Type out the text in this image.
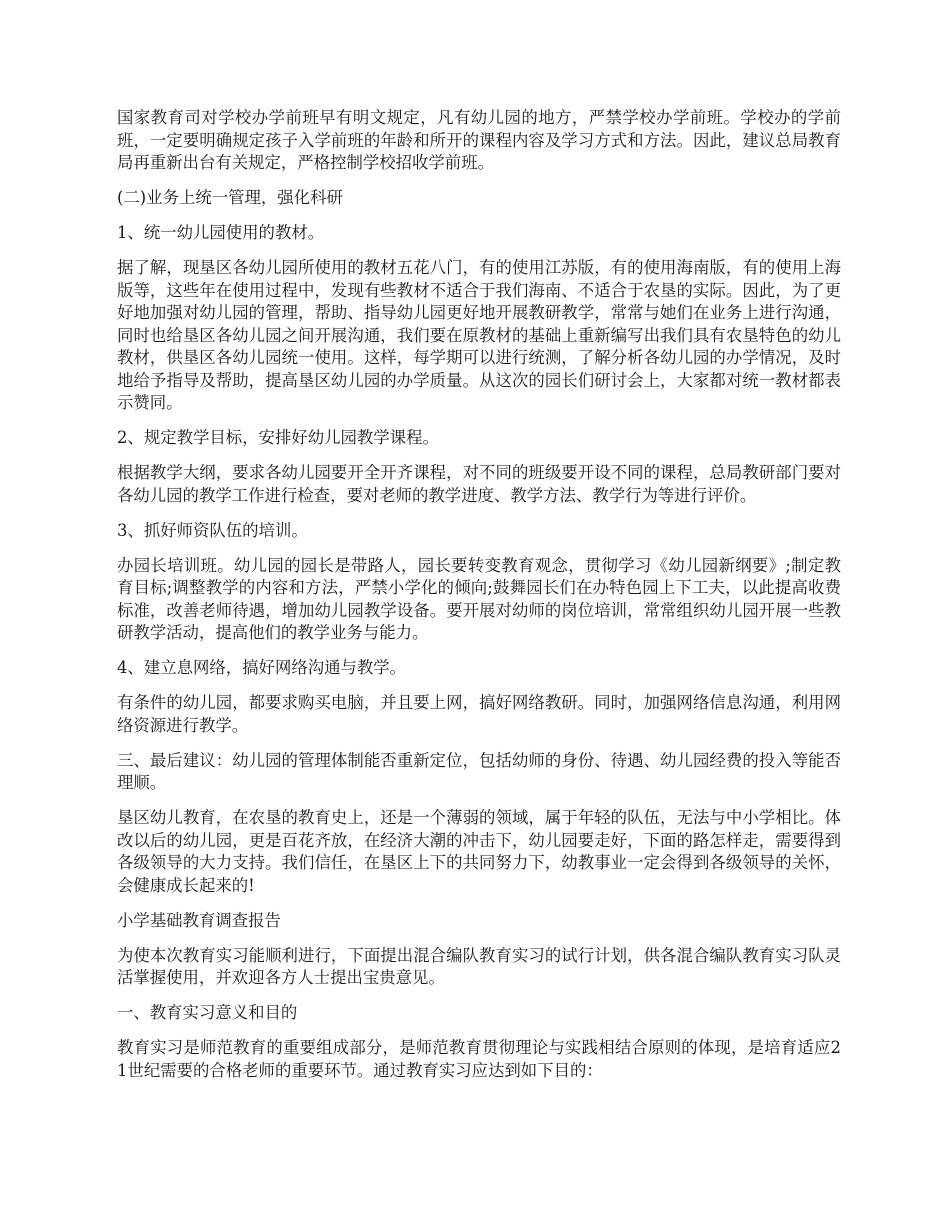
国家教育司对学校办学前班早有明文规定，凡有幼儿园的地方，严禁学校办学前班。学校办的学前班，一定要明确规定孩子入学前班的年龄和所开的课程内容及学习方式和方法。因此，建议总局教育局再重新出台有关规定，严格控制学校招收学前班。

(二)业务上统一管理，强化科研

1、统一幼儿园使用的教材。

据了解，现垦区各幼儿园所使用的教材五花八门，有的使用江苏版，有的使用海南版，有的使用上海版等，这些年在使用过程中，发现有些教材不适合于我们海南、不适合于农垦的实际。因此，为了更好地加强对幼儿园的管理，帮助、指导幼儿园更好地开展教研教学，常常与她们在业务上进行沟通，同时也给垦区各幼儿园之间开展沟通，我们要在原教材的基础上重新编写出我们具有农垦特色的幼儿教材，供垦区各幼儿园统一使用。这样，每学期可以进行统测，了解分析各幼儿园的办学情况，及时地给予指导及帮助，提高垦区幼儿园的办学质量。从这次的园长们研讨会上，大家都对统一教材都表示赞同。

2、规定教学目标，安排好幼儿园教学课程。

根据教学大纲，要求各幼儿园要开全开齐课程，对不同的班级要开设不同的课程，总局教研部门要对各幼儿园的教学工作进行检查，要对老师的教学进度、教学方法、教学行为等进行评价。

3、抓好师资队伍的培训。

办园长培训班。幼儿园的园长是带路人，园长要转变教育观念，贯彻学习《幼儿园新纲要》;制定教育目标;调整教学的内容和方法，严禁小学化的倾向;鼓舞园长们在办特色园上下工夫，以此提高收费标准，改善老师待遇，增加幼儿园教学设备。要开展对幼师的岗位培训，常常组织幼儿园开展一些教研教学活动，提高他们的教学业务与能力。

4、建立息网络，搞好网络沟通与教学。

有条件的幼儿园，都要求购买电脑，并且要上网，搞好网络教研。同时，加强网络信息沟通，利用网络资源进行教学。

三、最后建议：幼儿园的管理体制能否重新定位，包括幼师的身份、待遇、幼儿园经费的投入等能否理顺。

垦区幼儿教育，在农垦的教育史上，还是一个薄弱的领域，属于年轻的队伍，无法与中小学相比。体改以后的幼儿园，更是百花齐放，在经济大潮的冲击下，幼儿园要走好，下面的路怎样走，需要得到各级领导的大力支持。我们信任，在垦区上下的共同努力下，幼教事业一定会得到各级领导的关怀，会健康成长起来的!

小学基础教育调查报告

为使本次教育实习能顺利进行，下面提出混合编队教育实习的试行计划，供各混合编队教育实习队灵活掌握使用，并欢迎各方人士提出宝贵意见。

一、教育实习意义和目的

教育实习是师范教育的重要组成部分，是师范教育贯彻理论与实践相结合原则的体现，是培育适应21世纪需要的合格老师的重要环节。通过教育实习应达到如下目的：
